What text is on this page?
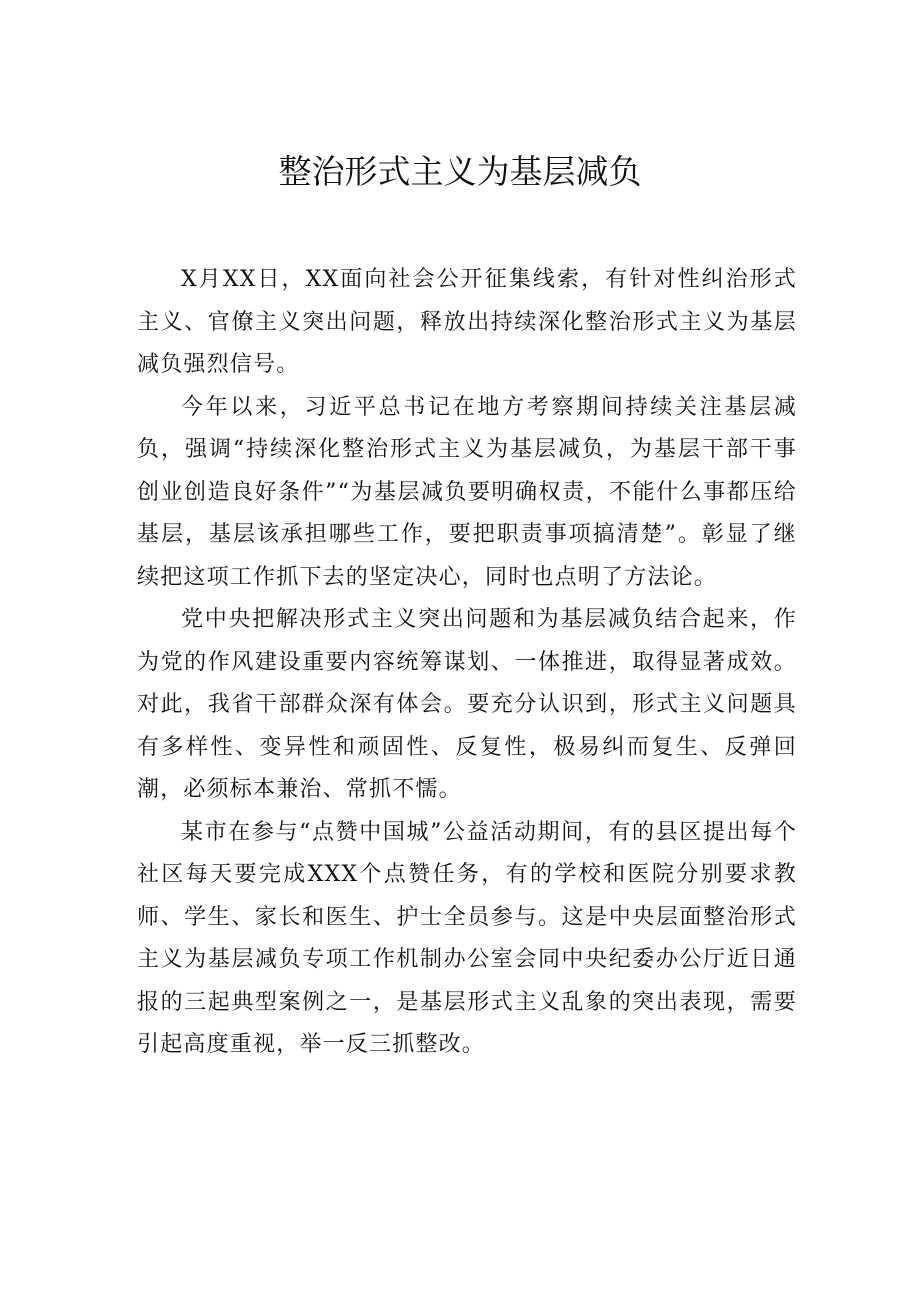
整治形式主义为基层减负

X月XX日，XX面向社会公开征集线索，有针对性纠治形式主义、官僚主义突出问题，释放出持续深化整治形式主义为基层减负强烈信号。

今年以来，习近平总书记在地方考察期间持续关注基层减负，强调“持续深化整治形式主义为基层减负，为基层干部干事创业创造良好条件”“为基层减负要明确权责，不能什么事都压给基层，基层该承担哪些工作，要把职责事项搞清楚”。彰显了继续把这项工作抓下去的坚定决心，同时也点明了方法论。

党中央把解决形式主义突出问题和为基层减负结合起来，作为党的作风建设重要内容统筹谋划、一体推进，取得显著成效。对此，我省干部群众深有体会。要充分认识到，形式主义问题具有多样性、变异性和顽固性、反复性，极易纠而复生、反弹回潮，必须标本兼治、常抓不懦。

某市在参与“点赞中国城”公益活动期间，有的县区提出每个社区每天要完成XXX个点赞任务，有的学校和医院分别要求教师、学生、家长和医生、护士全员参与。这是中央层面整治形式主义为基层减负专项工作机制办公室会同中央纪委办公厅近日通报的三起典型案例之一，是基层形式主义乱象的突出表现，需要引起高度重视，举一反三抓整改。
